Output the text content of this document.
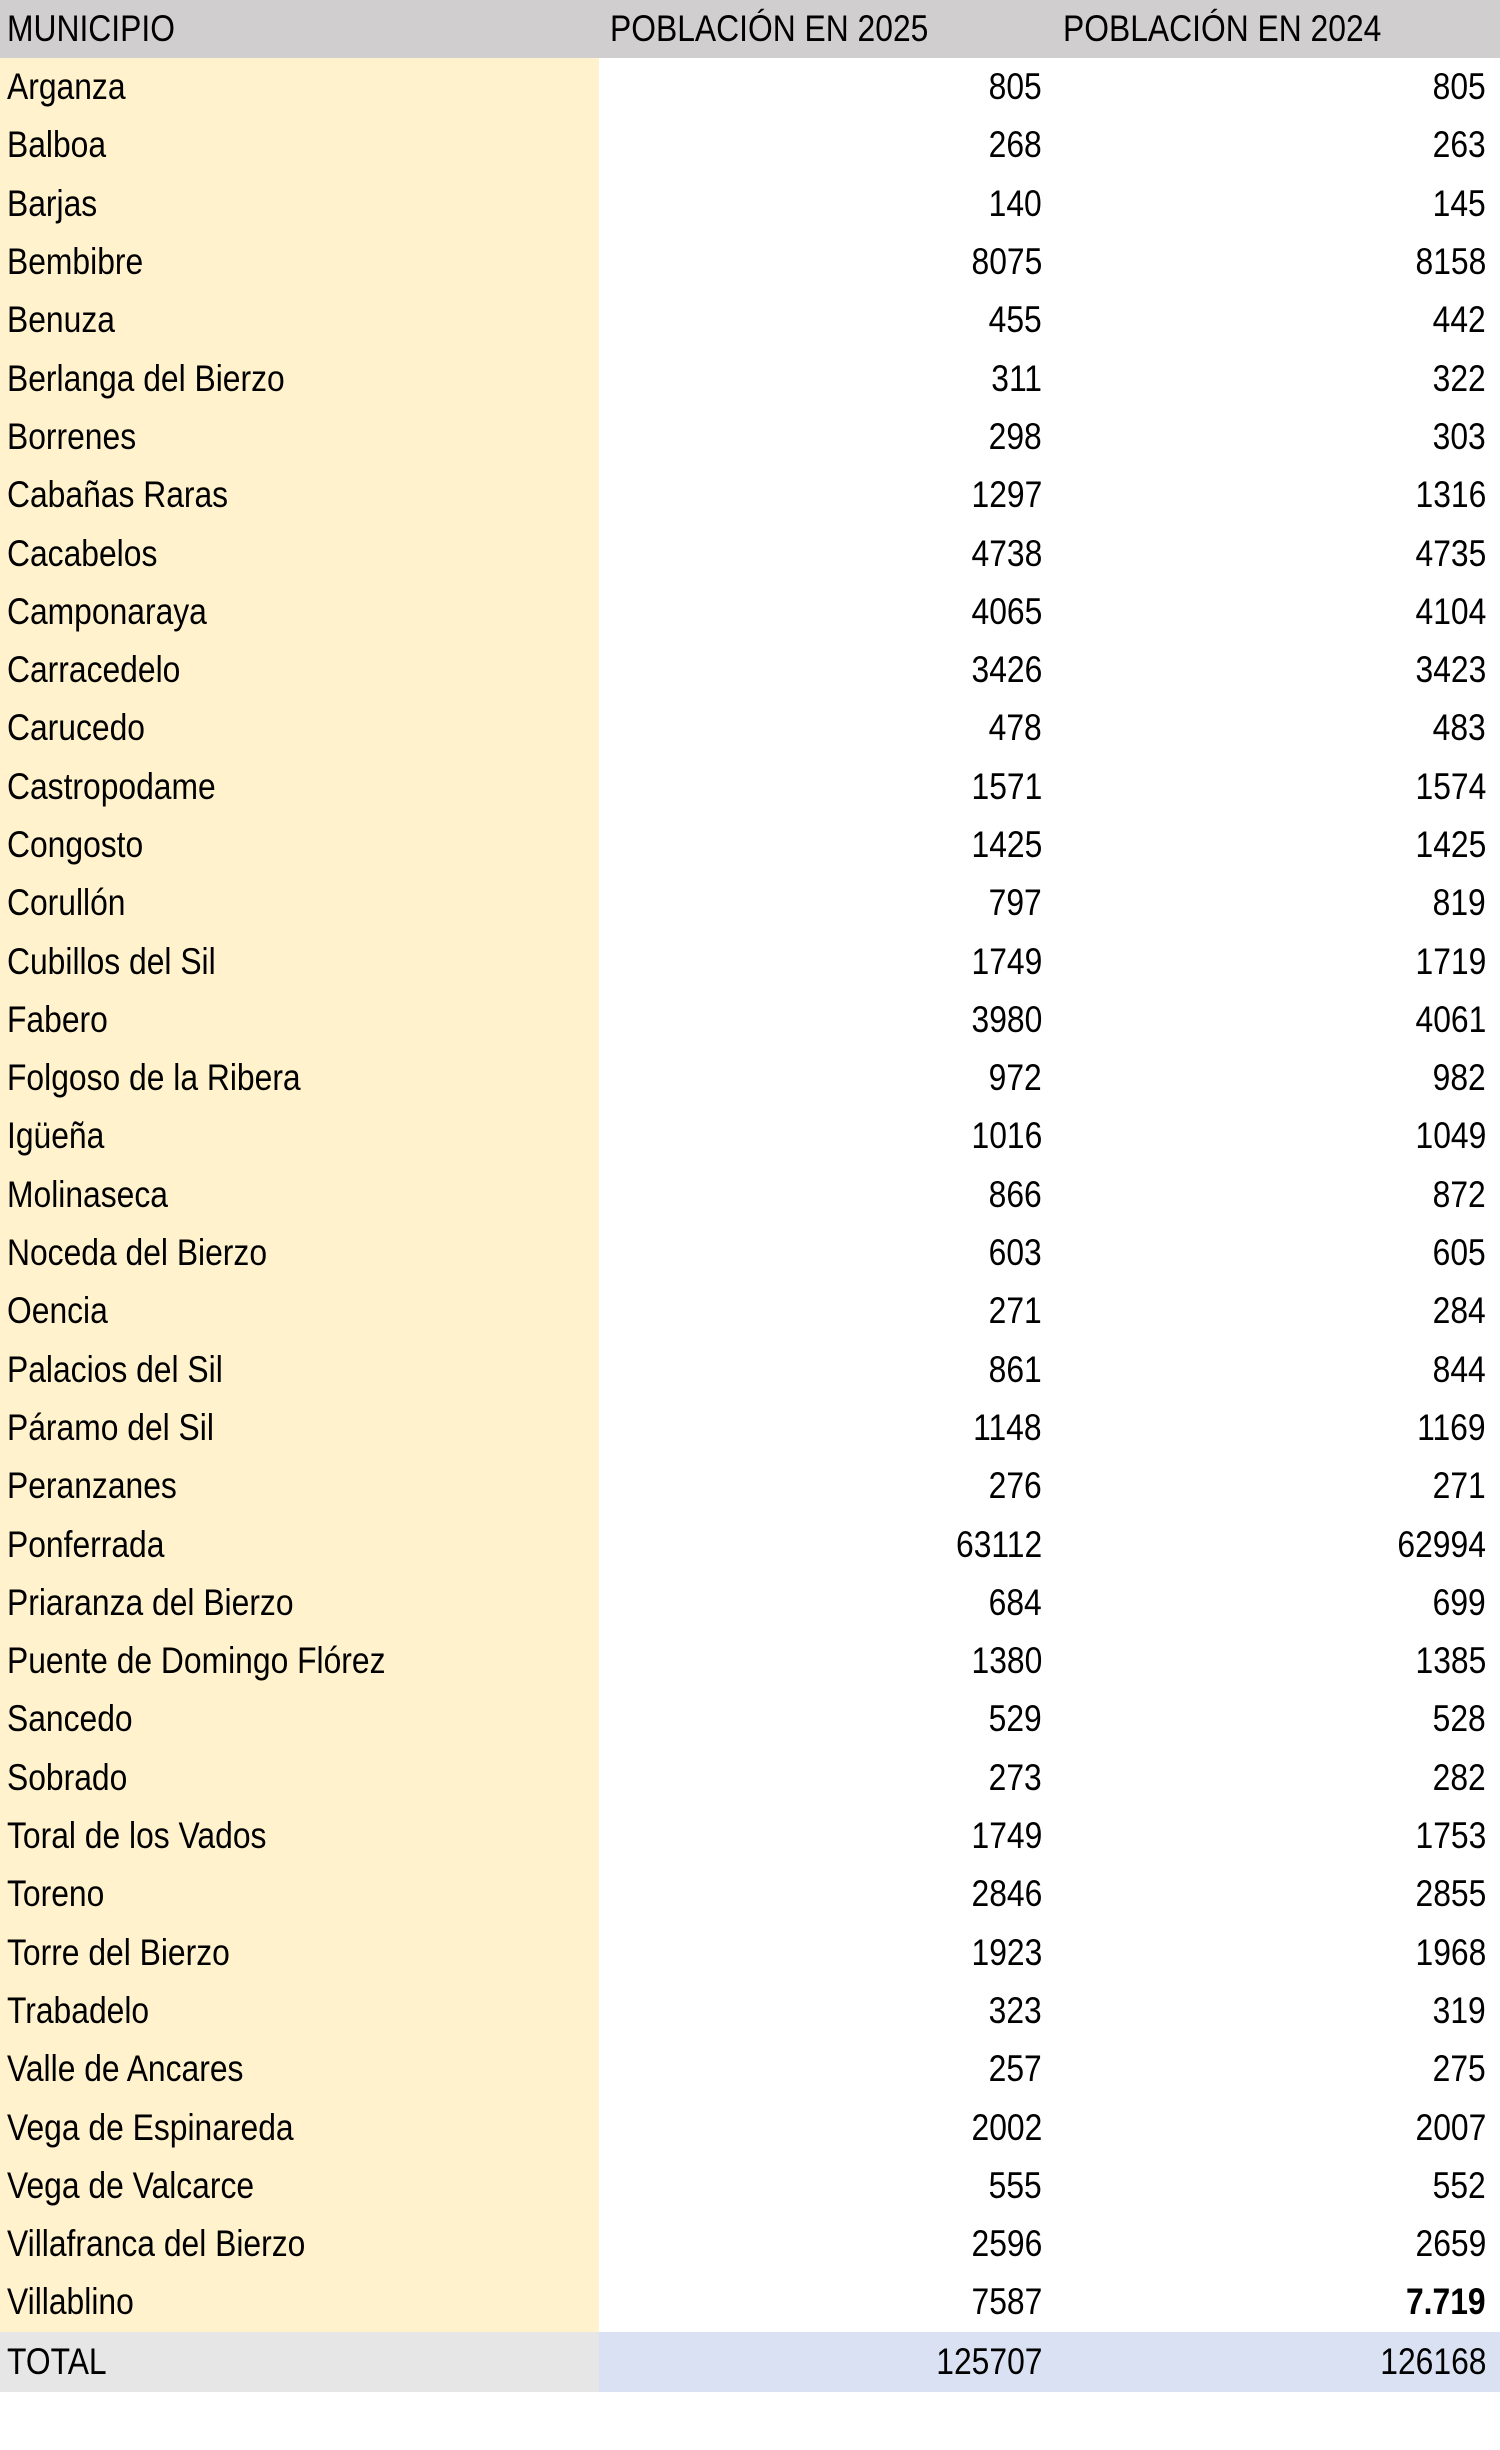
MUNICIPIO	POBLACIÓN EN 2025	POBLACIÓN EN 2024
Arganza	805	805
Balboa	268	263
Barjas	140	145
Bembibre	8075	8158
Benuza	455	442
Berlanga del Bierzo	311	322
Borrenes	298	303
Cabañas Raras	1297	1316
Cacabelos	4738	4735
Camponaraya	4065	4104
Carracedelo	3426	3423
Carucedo	478	483
Castropodame	1571	1574
Congosto	1425	1425
Corullón	797	819
Cubillos del Sil	1749	1719
Fabero	3980	4061
Folgoso de la Ribera	972	982
Igüeña	1016	1049
Molinaseca	866	872
Noceda del Bierzo	603	605
Oencia	271	284
Palacios del Sil	861	844
Páramo del Sil	1148	1169
Peranzanes	276	271
Ponferrada	63112	62994
Priaranza del Bierzo	684	699
Puente de Domingo Flórez	1380	1385
Sancedo	529	528
Sobrado	273	282
Toral de los Vados	1749	1753
Toreno	2846	2855
Torre del Bierzo	1923	1968
Trabadelo	323	319
Valle de Ancares	257	275
Vega de Espinareda	2002	2007
Vega de Valcarce	555	552
Villafranca del Bierzo	2596	2659
Villablino	7587	7.719
TOTAL	125707	126168
